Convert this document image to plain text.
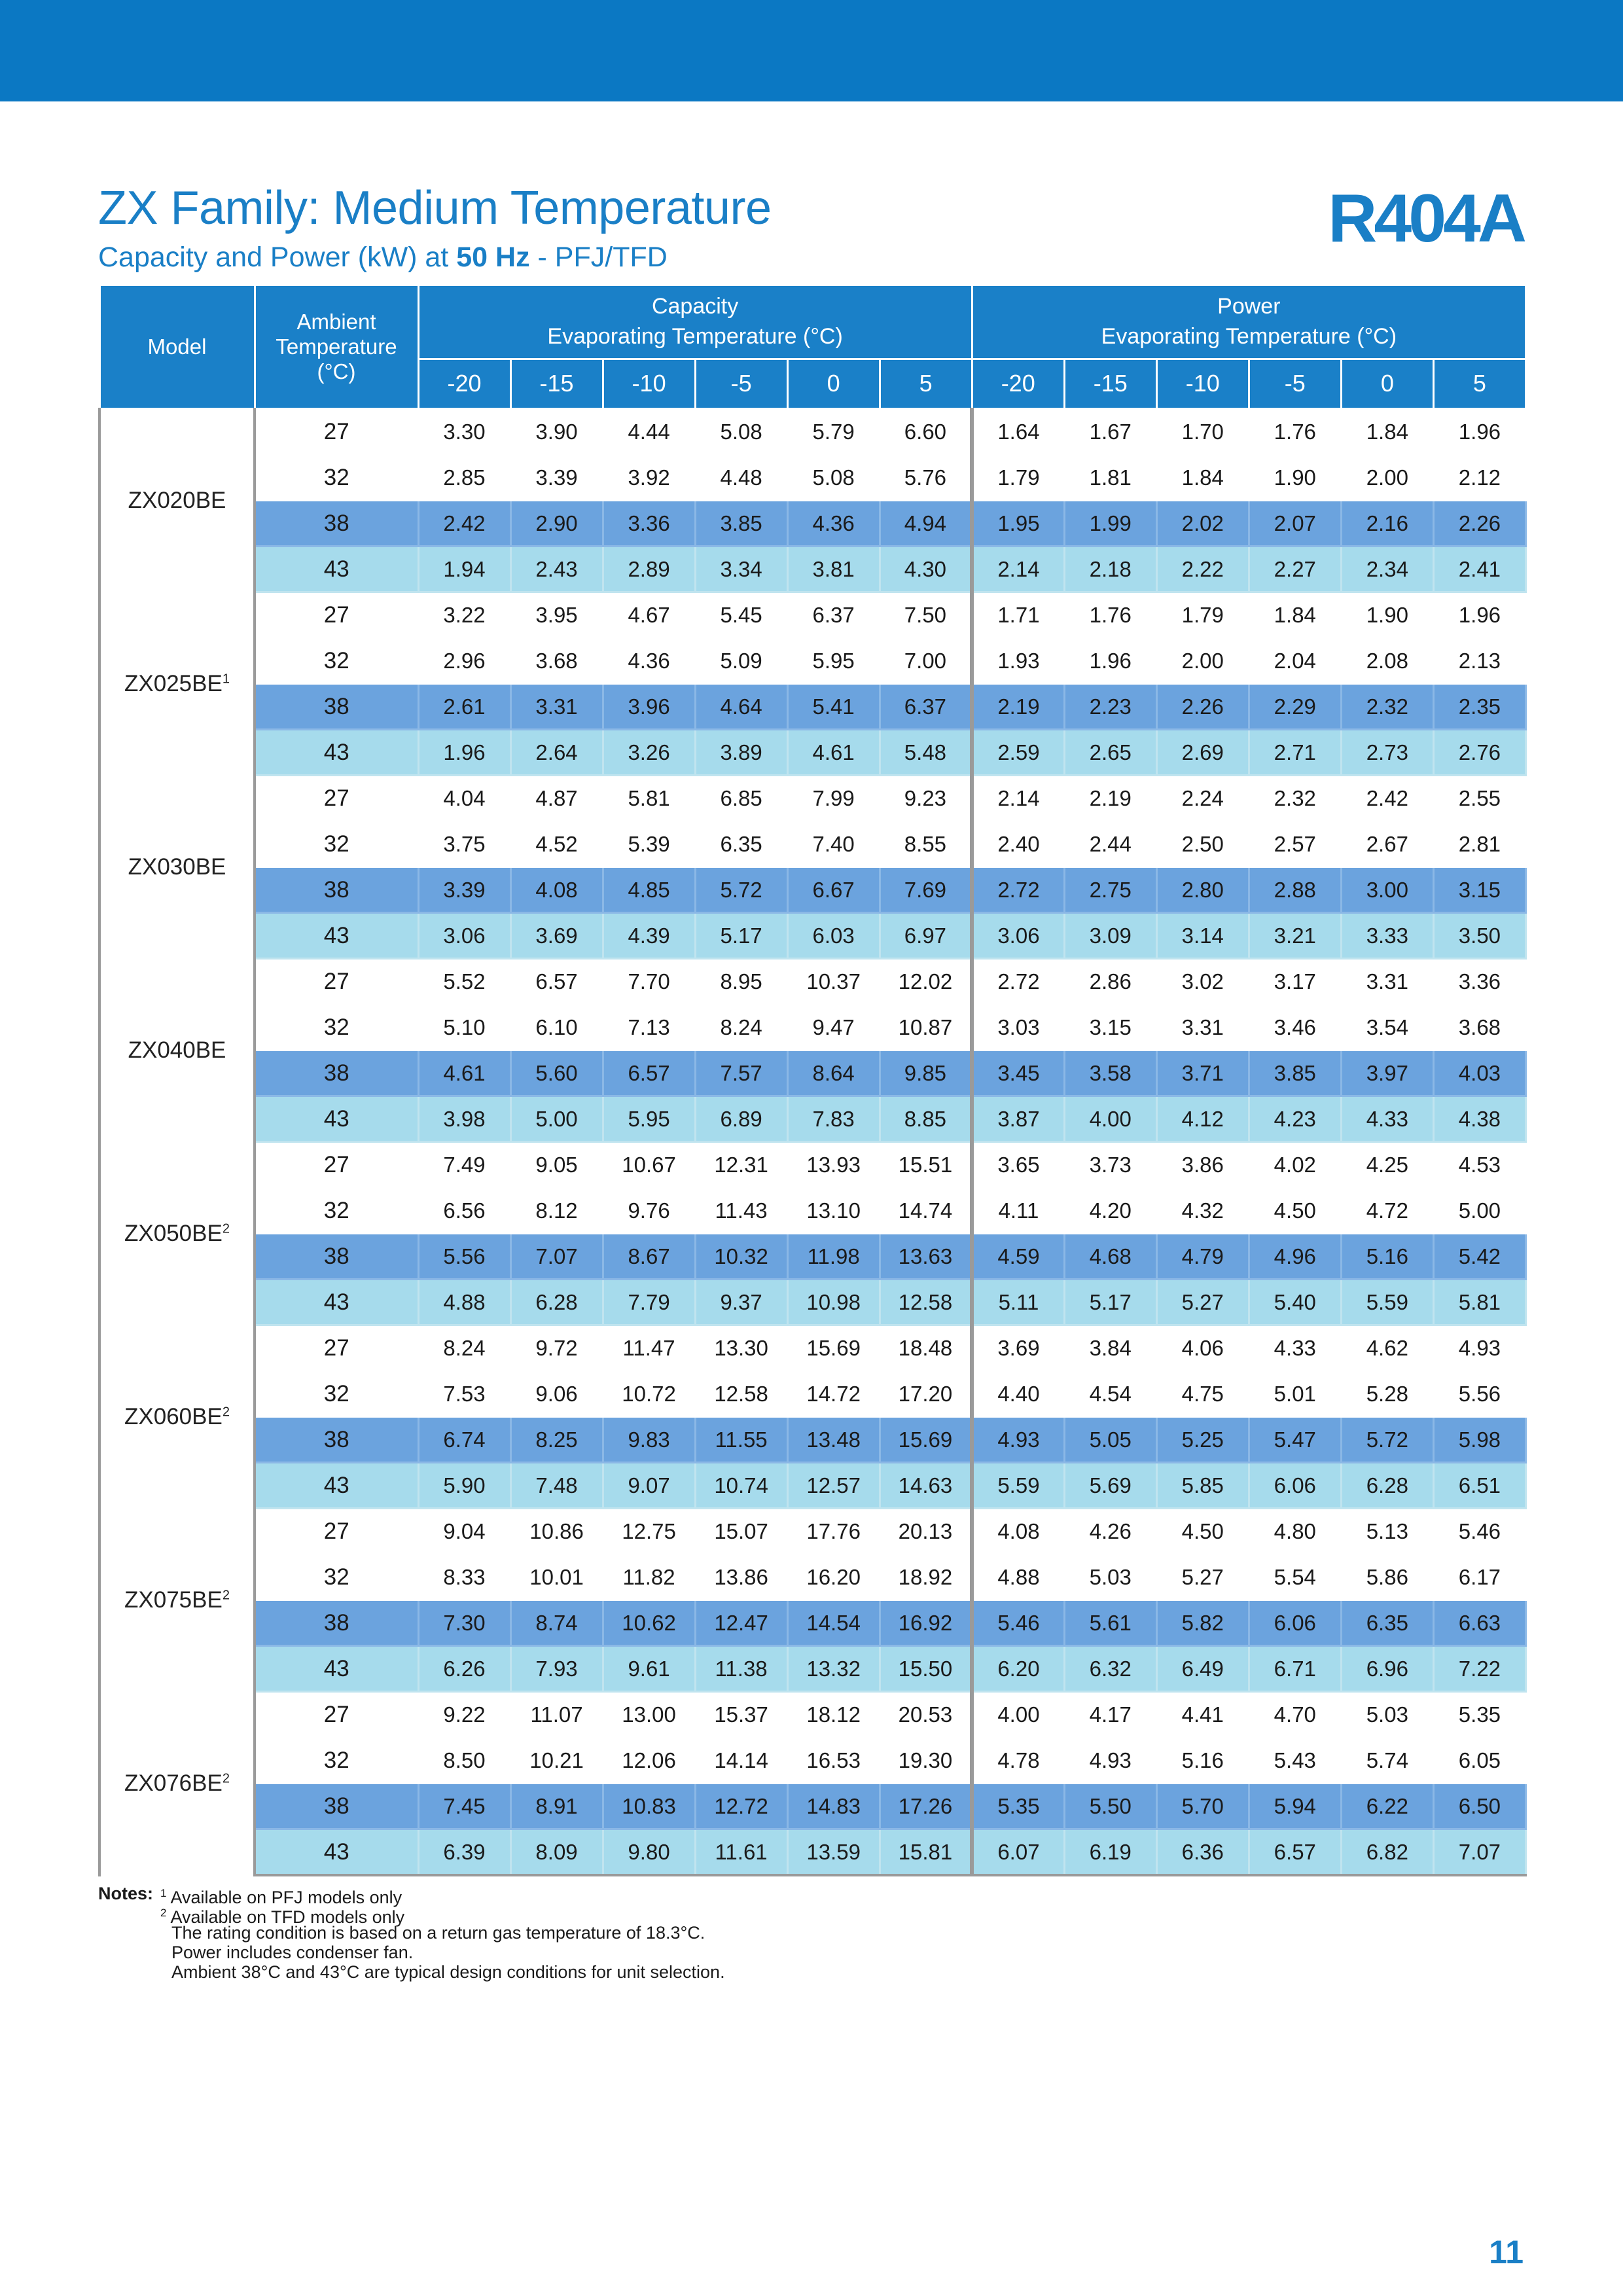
ZX Family: Medium Temperature
Capacity and Power (kW) at 50 Hz - PFJ/TFD
R404A
Model	Ambient
Temperature
(°C)	Capacity
Evaporating Temperature (°C)						Power
Evaporating Temperature (°C)					
		-20	-15	-10	-5	0	5	-20	-15	-10	-5	0	5
ZX020BE	27	3.30	3.90	4.44	5.08	5.79	6.60	1.64	1.67	1.70	1.76	1.84	1.96
	32	2.85	3.39	3.92	4.48	5.08	5.76	1.79	1.81	1.84	1.90	2.00	2.12
	38	2.42	2.90	3.36	3.85	4.36	4.94	1.95	1.99	2.02	2.07	2.16	2.26
	43	1.94	2.43	2.89	3.34	3.81	4.30	2.14	2.18	2.22	2.27	2.34	2.41
$ZX025BE^1$	27	3.22	3.95	4.67	5.45	6.37	7.50	1.71	1.76	1.79	1.84	1.90	1.96
	32	2.96	3.68	4.36	5.09	5.95	7.00	1.93	1.96	2.00	2.04	2.08	2.13
	38	2.61	3.31	3.96	4.64	5.41	6.37	2.19	2.23	2.26	2.29	2.32	2.35
	43	1.96	2.64	3.26	3.89	4.61	5.48	2.59	2.65	2.69	2.71	2.73	2.76
ZX030BE	27	4.04	4.87	5.81	6.85	7.99	9.23	2.14	2.19	2.24	2.32	2.42	2.55
	32	3.75	4.52	5.39	6.35	7.40	8.55	2.40	2.44	2.50	2.57	2.67	2.81
	38	3.39	4.08	4.85	5.72	6.67	7.69	2.72	2.75	2.80	2.88	3.00	3.15
	43	3.06	3.69	4.39	5.17	6.03	6.97	3.06	3.09	3.14	3.21	3.33	3.50
ZX040BE	27	5.52	6.57	7.70	8.95	10.37	12.02	2.72	2.86	3.02	3.17	3.31	3.36
	32	5.10	6.10	7.13	8.24	9.47	10.87	3.03	3.15	3.31	3.46	3.54	3.68
	38	4.61	5.60	6.57	7.57	8.64	9.85	3.45	3.58	3.71	3.85	3.97	4.03
	43	3.98	5.00	5.95	6.89	7.83	8.85	3.87	4.00	4.12	4.23	4.33	4.38
$ZX050BE^2$	27	7.49	9.05	10.67	12.31	13.93	15.51	3.65	3.73	3.86	4.02	4.25	4.53
	32	6.56	8.12	9.76	11.43	13.10	14.74	4.11	4.20	4.32	4.50	4.72	5.00
	38	5.56	7.07	8.67	10.32	11.98	13.63	4.59	4.68	4.79	4.96	5.16	5.42
	43	4.88	6.28	7.79	9.37	10.98	12.58	5.11	5.17	5.27	5.40	5.59	5.81
$ZX060BE^2$	27	8.24	9.72	11.47	13.30	15.69	18.48	3.69	3.84	4.06	4.33	4.62	4.93
	32	7.53	9.06	10.72	12.58	14.72	17.20	4.40	4.54	4.75	5.01	5.28	5.56
	38	6.74	8.25	9.83	11.55	13.48	15.69	4.93	5.05	5.25	5.47	5.72	5.98
	43	5.90	7.48	9.07	10.74	12.57	14.63	5.59	5.69	5.85	6.06	6.28	6.51
$ZX075BE^2$	27	9.04	10.86	12.75	15.07	17.76	20.13	4.08	4.26	4.50	4.80	5.13	5.46
	32	8.33	10.01	11.82	13.86	16.20	18.92	4.88	5.03	5.27	5.54	5.86	6.17
	38	7.30	8.74	10.62	12.47	14.54	16.92	5.46	5.61	5.82	6.06	6.35	6.63
	43	6.26	7.93	9.61	11.38	13.32	15.50	6.20	6.32	6.49	6.71	6.96	7.22
$ZX076BE^2$	27	9.22	11.07	13.00	15.37	18.12	20.53	4.00	4.17	4.41	4.70	5.03	5.35
	32	8.50	10.21	12.06	14.14	16.53	19.30	4.78	4.93	5.16	5.43	5.74	6.05
	38	7.45	8.91	10.83	12.72	14.83	17.26	5.35	5.50	5.70	5.94	6.22	6.50
	43	6.39	8.09	9.80	11.61	13.59	15.81	6.07	6.19	6.36	6.57	6.82	7.07
Notes: $^1$ Available on PFJ models only
$^2$ Available on TFD models only
The rating condition is based on a return gas temperature of 18.3°C.
Power includes condenser fan.
Ambient 38°C and 43°C are typical design conditions for unit selection.
11
